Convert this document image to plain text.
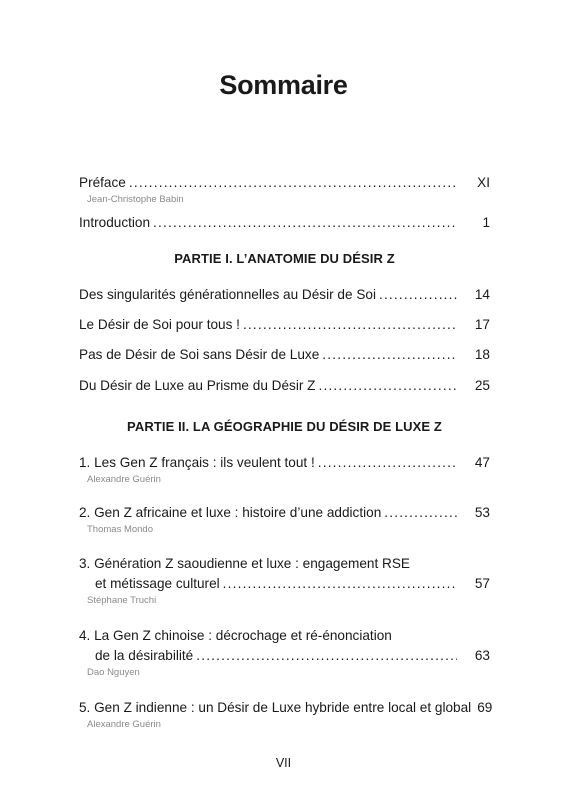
Sommaire
Préface .....	XI
Jean-Christophe Babin
Introduction .....	1
PARTIE I. L’ANATOMIE DU DÉSIR Z
Des singularités générationnelles au Désir de Soi .....	14
Le Désir de Soi pour tous ! .....	17
Pas de Désir de Soi sans Désir de Luxe .....	18
Du Désir de Luxe au Prisme du Désir Z .....	25
PARTIE II. LA GÉOGRAPHIE DU DÉSIR DE LUXE Z
1. Les Gen Z français : ils veulent tout ! .....	47
Alexandre Guérin
2. Gen Z africaine et luxe : histoire d’une addiction .....	53
Thomas Mondo
3. Génération Z saoudienne et luxe : engagement RSE
et métissage culturel .....	57
Stéphane Truchi
4. La Gen Z chinoise : décrochage et ré-énonciation
de la désirabilité .....	63
Dao Nguyen
5. Gen Z indienne : un Désir de Luxe hybride entre local et global 69
Alexandre Guérin
VII
